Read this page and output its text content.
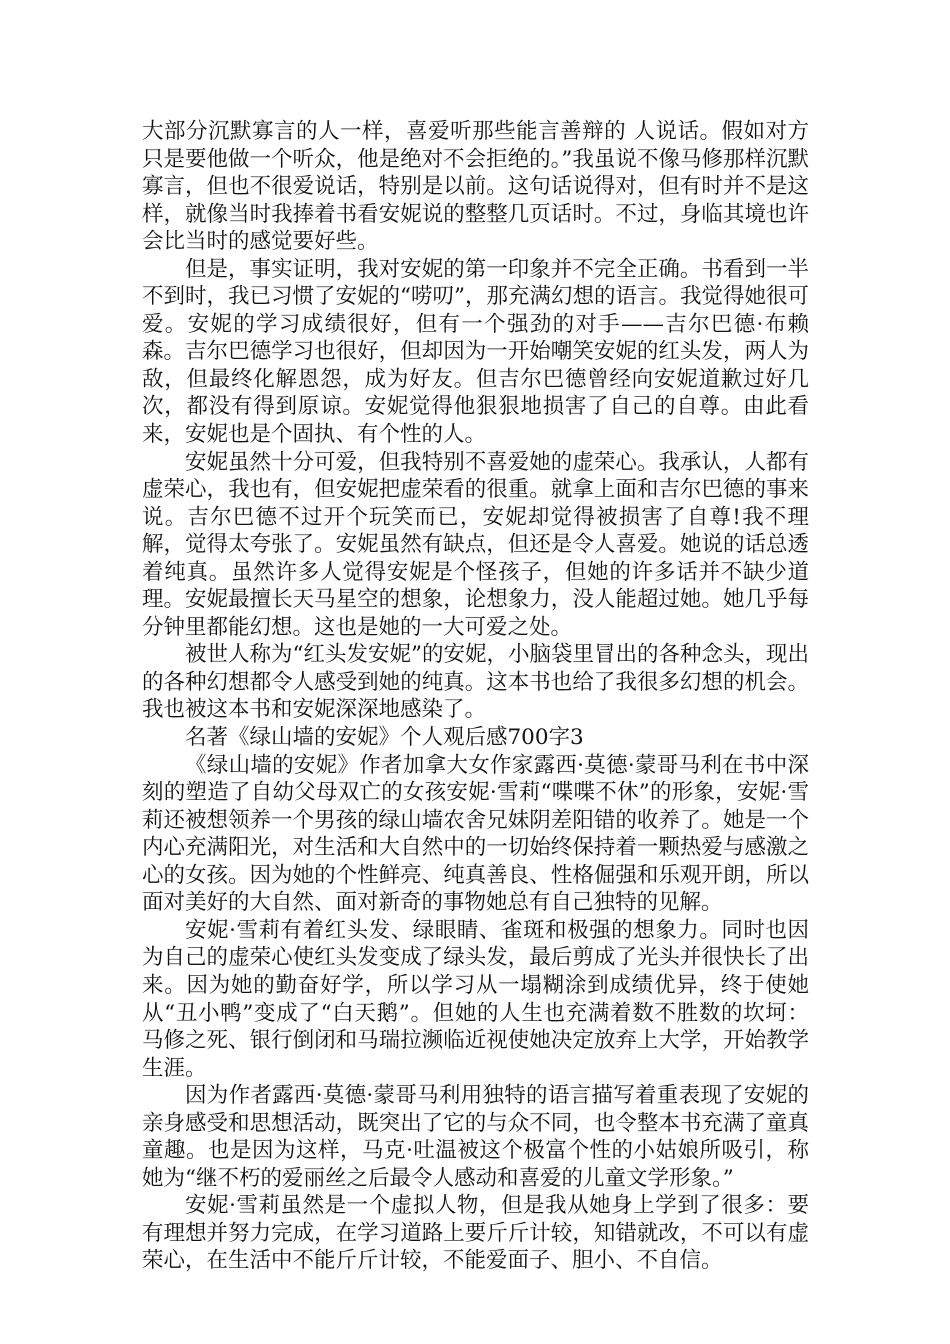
大部分沉默寡言的人一样，喜爱听那些能言善辩的 人说话。假如对方只是要他做一个听众，他是绝对不会拒绝的。”我虽说不像马修那样沉默寡言，但也不很爱说话，特别是以前。这句话说得对，但有时并不是这样，就像当时我捧着书看安妮说的整整几页话时。不过，身临其境也许会比当时的感觉要好些。

但是，事实证明，我对安妮的第一印象并不完全正确。书看到一半不到时，我已习惯了安妮的“唠叨”，那充满幻想的语言。我觉得她很可爱。安妮的学习成绩很好，但有一个强劲的对手——吉尔巴德·布赖森。吉尔巴德学习也很好，但却因为一开始嘲笑安妮的红头发，两人为敌，但最终化解恩怨，成为好友。但吉尔巴德曾经向安妮道歉过好几次，都没有得到原谅。安妮觉得他狠狠地损害了自己的自尊。由此看来，安妮也是个固执、有个性的人。

安妮虽然十分可爱，但我特别不喜爱她的虚荣心。我承认，人都有虚荣心，我也有，但安妮把虚荣看的很重。就拿上面和吉尔巴德的事来说。吉尔巴德不过开个玩笑而已，安妮却觉得被损害了自尊!我不理解，觉得太夸张了。安妮虽然有缺点，但还是令人喜爱。她说的话总透着纯真。虽然许多人觉得安妮是个怪孩子，但她的许多话并不缺少道理。安妮最擅长天马星空的想象，论想象力，没人能超过她。她几乎每分钟里都能幻想。这也是她的一大可爱之处。

被世人称为“红头发安妮”的安妮，小脑袋里冒出的各种念头，现出的各种幻想都令人感受到她的纯真。这本书也给了我很多幻想的机会。我也被这本书和安妮深深地感染了。

名著《绿山墙的安妮》个人观后感700字3

《绿山墙的安妮》作者加拿大女作家露西·莫德·蒙哥马利在书中深刻的塑造了自幼父母双亡的女孩安妮·雪莉“喋喋不休”的形象，安妮·雪莉还被想领养一个男孩的绿山墙农舍兄妹阴差阳错的收养了。她是一个内心充满阳光，对生活和大自然中的一切始终保持着一颗热爱与感激之心的女孩。因为她的个性鲜亮、纯真善良、性格倔强和乐观开朗，所以面对美好的大自然、面对新奇的事物她总有自己独特的见解。

安妮·雪莉有着红头发、绿眼睛、雀斑和极强的想象力。同时也因为自己的虚荣心使红头发变成了绿头发，最后剪成了光头并很快长了出来。因为她的勤奋好学，所以学习从一塌糊涂到成绩优异，终于使她从“丑小鸭”变成了“白天鹅”。但她的人生也充满着数不胜数的坎坷：马修之死、银行倒闭和马瑞拉濒临近视使她决定放弃上大学，开始教学生涯。

因为作者露西·莫德·蒙哥马利用独特的语言描写着重表现了安妮的亲身感受和思想活动，既突出了它的与众不同，也令整本书充满了童真童趣。也是因为这样，马克·吐温被这个极富个性的小姑娘所吸引，称她为“继不朽的爱丽丝之后最令人感动和喜爱的儿童文学形象。”

安妮·雪莉虽然是一个虚拟人物，但是我从她身上学到了很多：要有理想并努力完成，在学习道路上要斤斤计较，知错就改，不可以有虚荣心，在生活中不能斤斤计较，不能爱面子、胆小、不自信。
